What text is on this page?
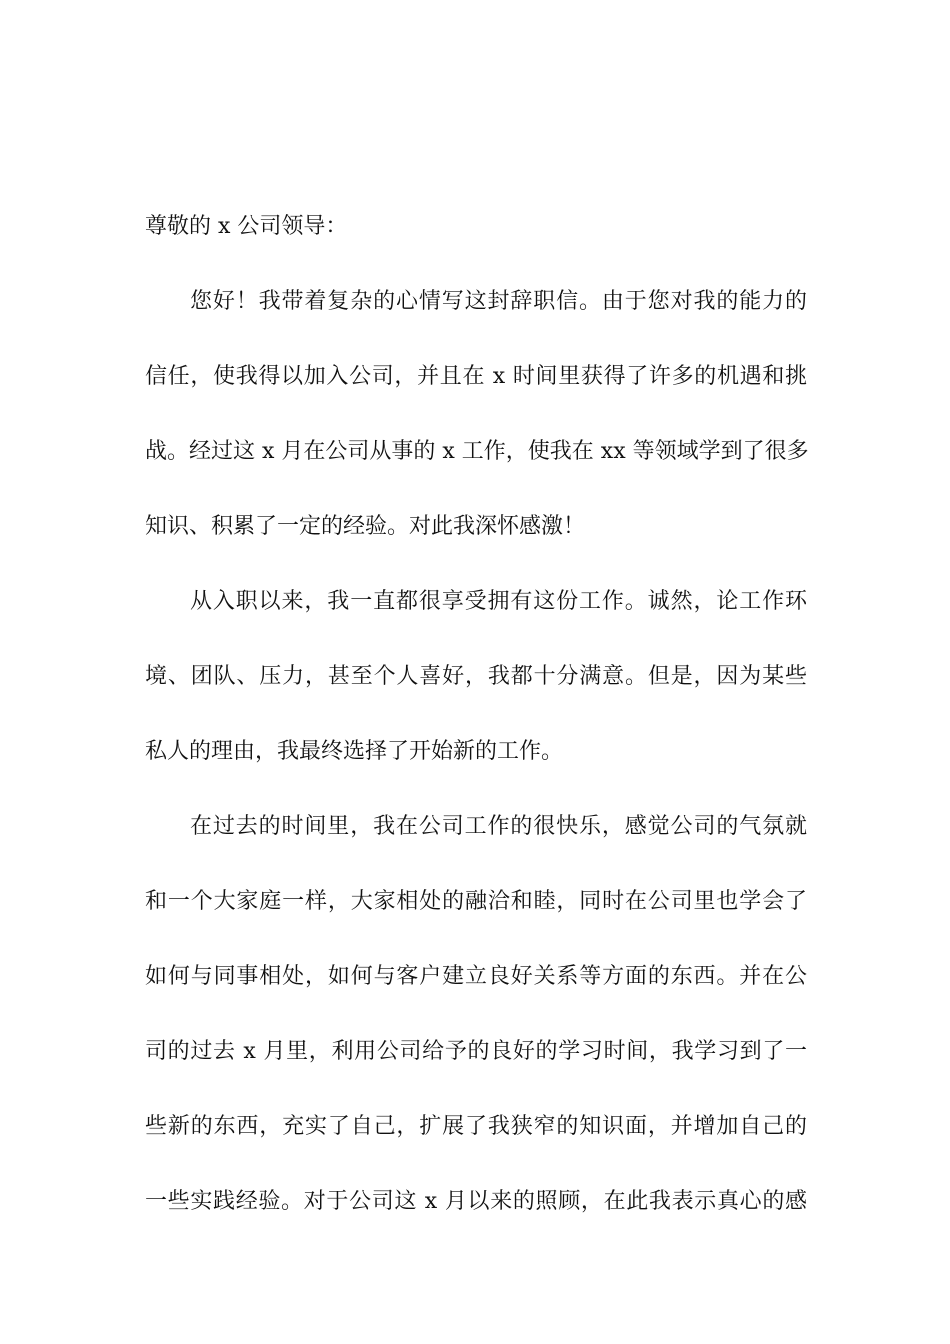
尊敬的 x 公司领导：
您好！我带着复杂的心情写这封辞职信。由于您对我的能力的
信任，使我得以加入公司，并且在 x 时间里获得了许多的机遇和挑
战。经过这 x 月在公司从事的 x 工作，使我在 xx 等领域学到了很多
知识、积累了一定的经验。对此我深怀感激！
从入职以来，我一直都很享受拥有这份工作。诚然，论工作环
境、团队、压力，甚至个人喜好，我都十分满意。但是，因为某些
私人的理由，我最终选择了开始新的工作。
在过去的时间里，我在公司工作的很快乐，感觉公司的气氛就
和一个大家庭一样，大家相处的融洽和睦，同时在公司里也学会了
如何与同事相处，如何与客户建立良好关系等方面的东西。并在公
司的过去 x 月里，利用公司给予的良好的学习时间，我学习到了一
些新的东西，充实了自己，扩展了我狭窄的知识面，并增加自己的
一些实践经验。对于公司这 x 月以来的照顾，在此我表示真心的感
